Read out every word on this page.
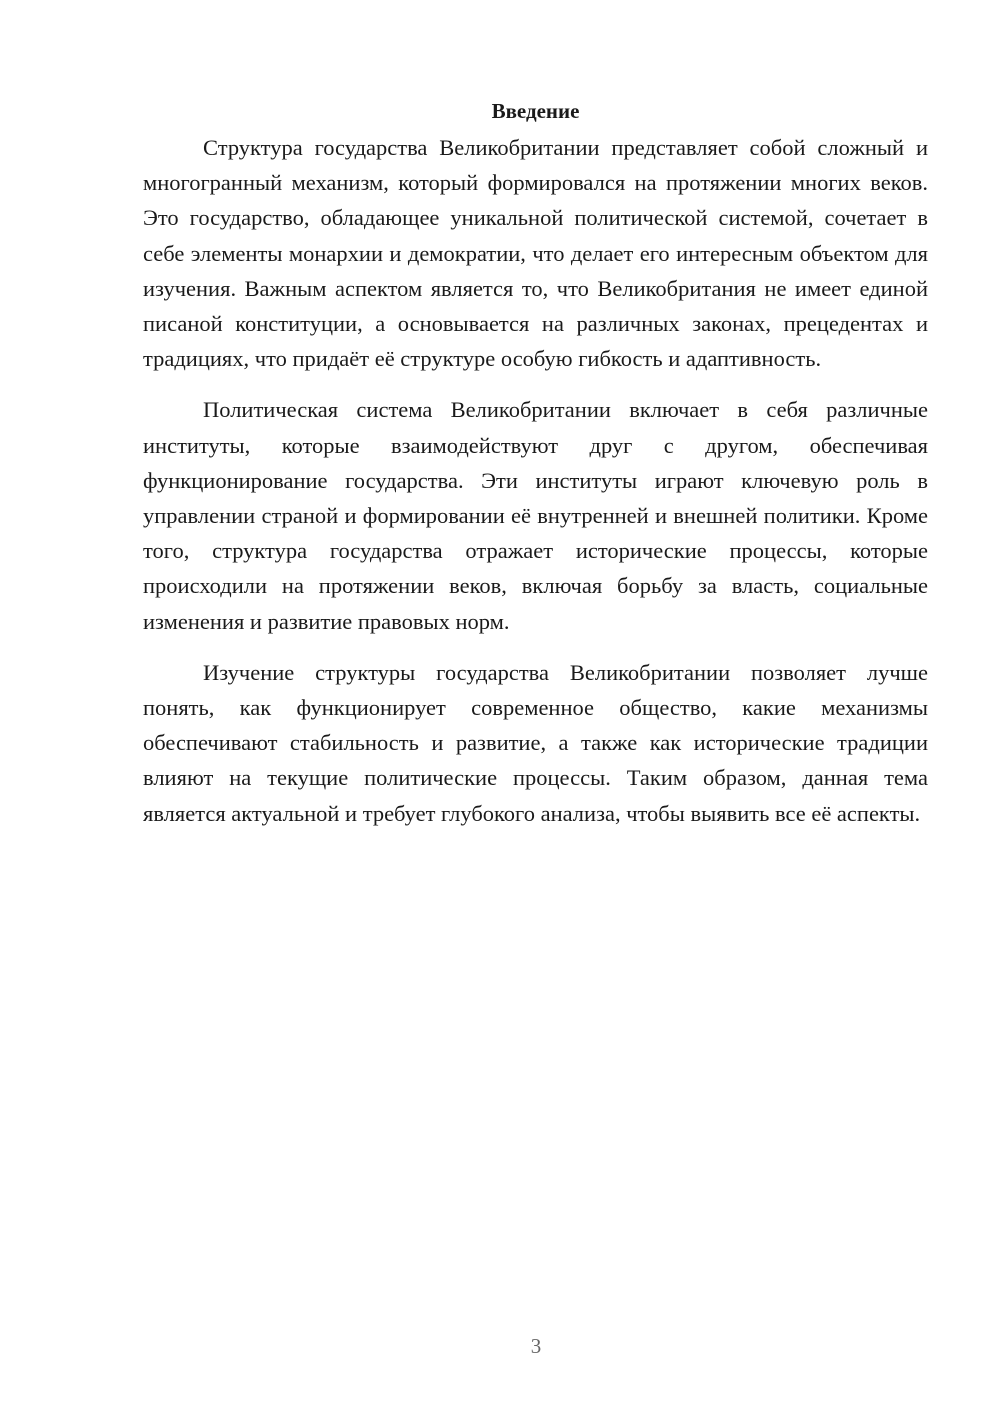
Введение

Структура государства Великобритании представляет собой сложный и многогранный механизм, который формировался на протяжении многих веков. Это государство, обладающее уникальной политической системой, сочетает в себе элементы монархии и демократии, что делает его интересным объектом для изучения. Важным аспектом является то, что Великобритания не имеет единой писаной конституции, а основывается на различных законах, прецедентах и традициях, что придаёт её структуре особую гибкость и адаптивность.

Политическая система Великобритании включает в себя различные институты, которые взаимодействуют друг с другом, обеспечивая функционирование государства. Эти институты играют ключевую роль в управлении страной и формировании её внутренней и внешней политики. Кроме того, структура государства отражает исторические процессы, которые происходили на протяжении веков, включая борьбу за власть, социальные изменения и развитие правовых норм.

Изучение структуры государства Великобритании позволяет лучше понять, как функционирует современное общество, какие механизмы обеспечивают стабильность и развитие, а также как исторические традиции влияют на текущие политические процессы. Таким образом, данная тема является актуальной и требует глубокого анализа, чтобы выявить все её аспекты.

3
